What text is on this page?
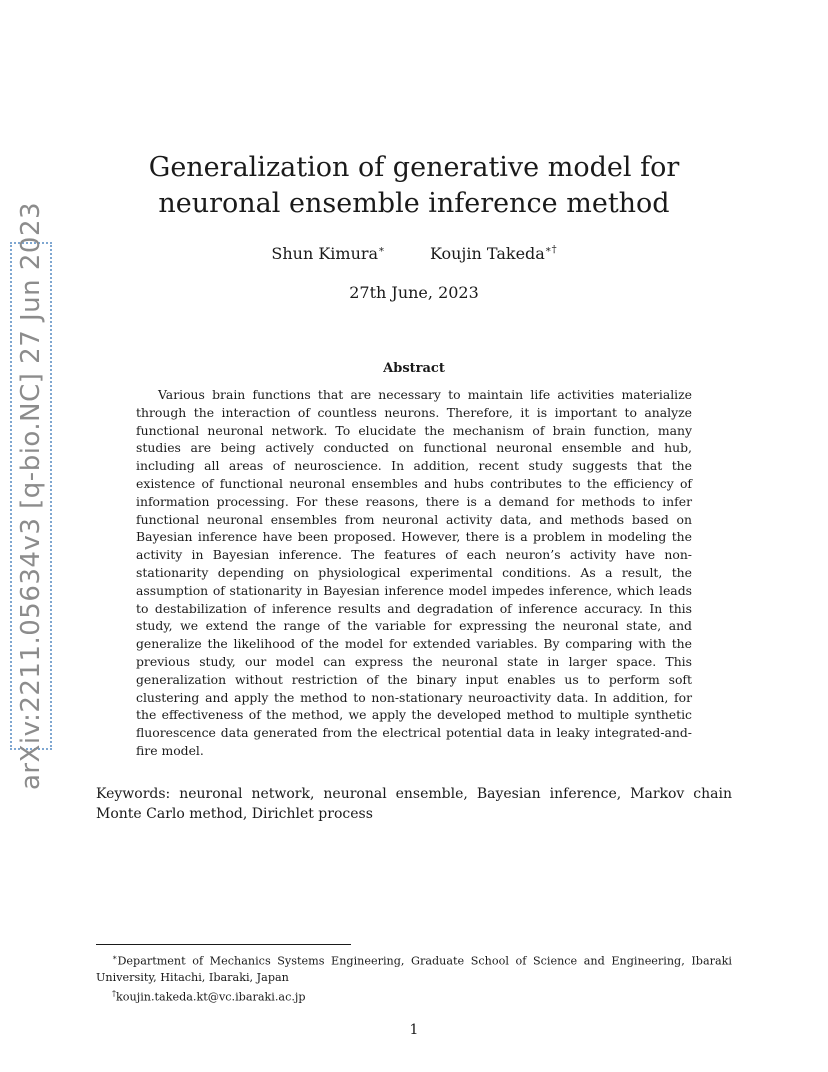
arXiv:2211.05634v3 [q-bio.NC] 27 Jun 2023
Generalization of generative model for neuronal ensemble inference method
Shun Kimura∗	Koujin Takeda∗†
27th June, 2023
Abstract
Various brain functions that are necessary to maintain life activities materialize through the interaction of countless neurons. Therefore, it is important to analyze functional neuronal network. To elucidate the mechanism of brain function, many studies are being actively conducted on functional neuronal ensemble and hub, including all areas of neuroscience. In addition, recent study suggests that the existence of functional neuronal ensembles and hubs contributes to the efficiency of information processing. For these reasons, there is a demand for methods to infer functional neuronal ensembles from neuronal activity data, and methods based on Bayesian inference have been proposed. However, there is a problem in modeling the activity in Bayesian inference. The features of each neuron’s activity have non-stationarity depending on physiological experimental conditions. As a result, the assumption of stationarity in Bayesian inference model impedes inference, which leads to destabilization of inference results and degradation of inference accuracy. In this study, we extend the range of the variable for expressing the neuronal state, and generalize the likelihood of the model for extended variables. By comparing with the previous study, our model can express the neuronal state in larger space. This generalization without restriction of the binary input enables us to perform soft clustering and apply the method to non-stationary neuroactivity data. In addition, for the effectiveness of the method, we apply the developed method to multiple synthetic fluorescence data generated from the electrical potential data in leaky integrated-and-fire model.
Keywords: neuronal network, neuronal ensemble, Bayesian inference, Markov chain Monte Carlo method, Dirichlet process

∗Department of Mechanics Systems Engineering, Graduate School of Science and Engineering, Ibaraki University, Hitachi, Ibaraki, Japan

†koujin.takeda.kt@vc.ibaraki.ac.jp

1
